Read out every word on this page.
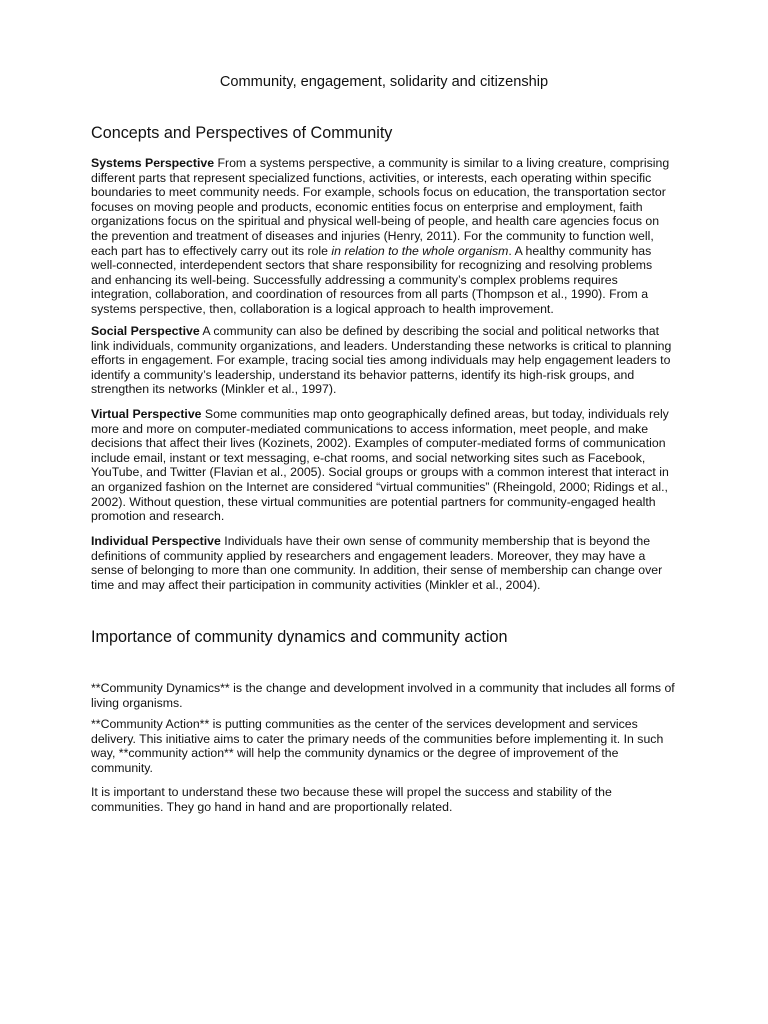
Community, engagement, solidarity and citizenship
Concepts and Perspectives of Community

Systems Perspective From a systems perspective, a community is similar to a living creature, comprising
different parts that represent specialized functions, activities, or interests, each operating within specific
boundaries to meet community needs. For example, schools focus on education, the transportation sector
focuses on moving people and products, economic entities focus on enterprise and employment, faith
organizations focus on the spiritual and physical well-being of people, and health care agencies focus on
the prevention and treatment of diseases and injuries (Henry, 2011). For the community to function well,
each part has to effectively carry out its role in relation to the whole organism. A healthy community has
well-connected, interdependent sectors that share responsibility for recognizing and resolving problems
and enhancing its well-being. Successfully addressing a community’s complex problems requires
integration, collaboration, and coordination of resources from all parts (Thompson et al., 1990). From a
systems perspective, then, collaboration is a logical approach to health improvement.

Social Perspective A community can also be defined by describing the social and political networks that
link individuals, community organizations, and leaders. Understanding these networks is critical to planning
efforts in engagement. For example, tracing social ties among individuals may help engagement leaders to
identify a community’s leadership, understand its behavior patterns, identify its high-risk groups, and
strengthen its networks (Minkler et al., 1997).

Virtual Perspective Some communities map onto geographically defined areas, but today, individuals rely
more and more on computer-mediated communications to access information, meet people, and make
decisions that affect their lives (Kozinets, 2002). Examples of computer-mediated forms of communication
include email, instant or text messaging, e-chat rooms, and social networking sites such as Facebook,
YouTube, and Twitter (Flavian et al., 2005). Social groups or groups with a common interest that interact in
an organized fashion on the Internet are considered “virtual communities” (Rheingold, 2000; Ridings et al.,
2002). Without question, these virtual communities are potential partners for community-engaged health
promotion and research.

Individual Perspective Individuals have their own sense of community membership that is beyond the
definitions of community applied by researchers and engagement leaders. Moreover, they may have a
sense of belonging to more than one community. In addition, their sense of membership can change over
time and may affect their participation in community activities (Minkler et al., 2004).

Importance of community dynamics and community action

**Community Dynamics** is the change and development involved in a community that includes all forms of
living organisms.

**Community Action** is putting communities as the center of the services development and services
delivery. This initiative aims to cater the primary needs of the communities before implementing it. In such
way, **community action** will help the community dynamics or the degree of improvement of the
community.

It is important to understand these two because these will propel the success and stability of the
communities. They go hand in hand and are proportionally related.
